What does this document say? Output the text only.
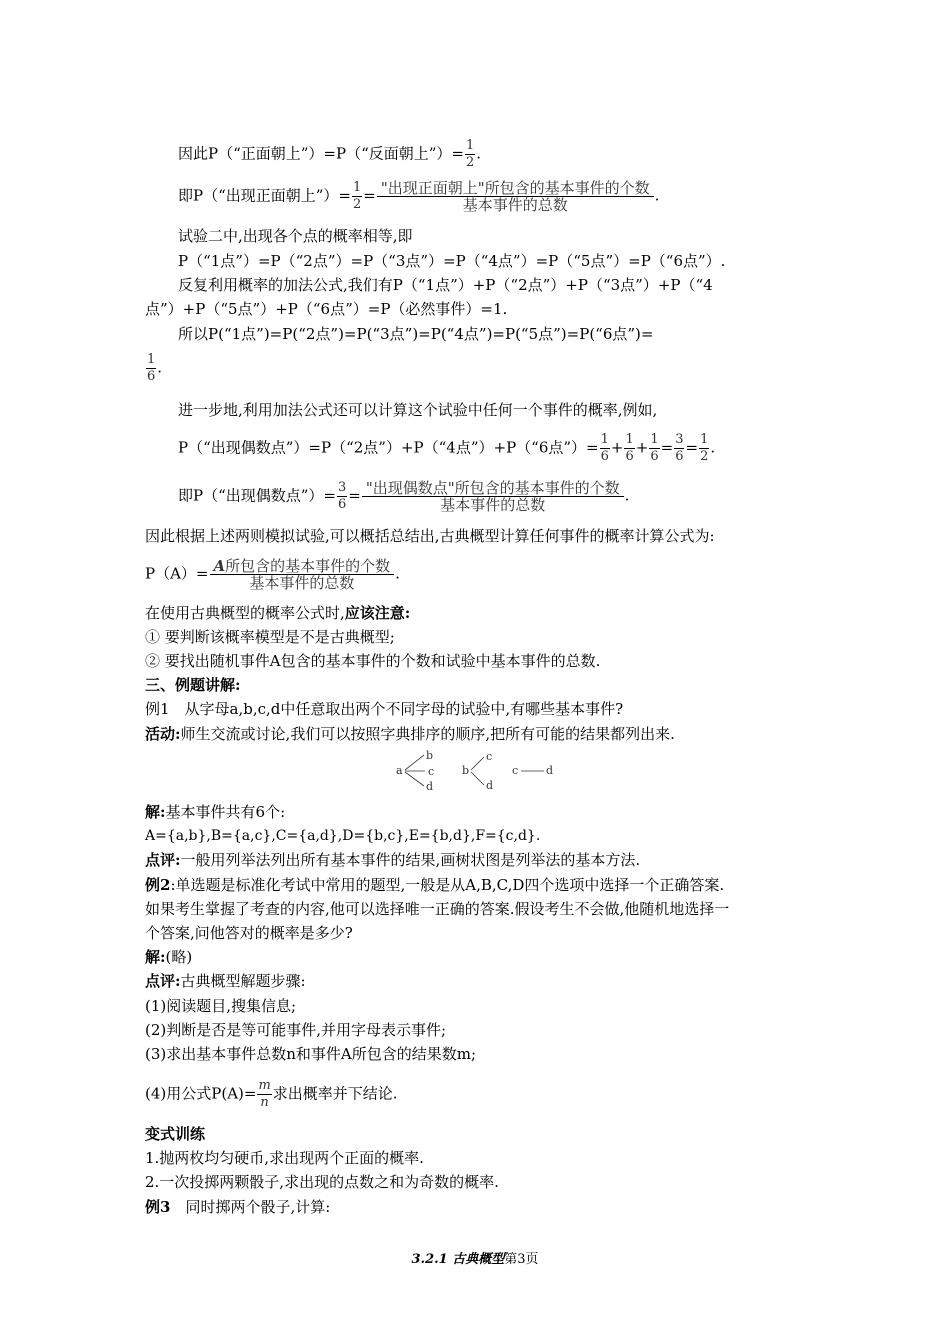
因此P（“正面朝上”）=P（“反面朝上”）= $\frac{1}{2}$ .
即P（“出现正面朝上”）= $\frac{1}{2} = \frac{\text{"出现正面朝上"所包含的基本事件的个数}}{\text{基本事件的总数}}$ .
试验二中,出现各个点的概率相等,即
P（“1点”）=P（“2点”）=P（“3点”）=P（“4点”）=P（“5点”）=P（“6点”）.
反复利用概率的加法公式,我们有P（“1点”）+P（“2点”）+P（“3点”）+P（“4
点”）+P（“5点”）+P（“6点”）=P（必然事件）=1.
所以P(“1点”)=P(“2点”)=P(“3点”)=P(“4点”)=P(“5点”)=P(“6点”)=
$\frac{1}{6}$ .
进一步地,利用加法公式还可以计算这个试验中任何一个事件的概率,例如,
P（“出现偶数点”）=P（“2点”）+P（“4点”）+P（“6点”）= $\frac{1}{6} + \frac{1}{6} + \frac{1}{6} = \frac{3}{6} = \frac{1}{2}$ .
即P（“出现偶数点”）= $\frac{3}{6} = \frac{\text{"出现偶数点"所包含的基本事件的个数}}{\text{基本事件的总数}}$ .
因此根据上述两则模拟试验,可以概括总结出,古典概型计算任何事件的概率计算公式为:
$P(A)= \frac{\text{A所包含的基本事件的个数}}{\text{基本事件的总数}}$ .
在使用古典概型的概率公式时,应该注意:
① 要判断该概率模型是不是古典概型;
② 要找出随机事件A包含的基本事件的个数和试验中基本事件的总数.
三、例题讲解:
例1　从字母a,b,c,d中任意取出两个不同字母的试验中,有哪些基本事件?
活动:师生交流或讨论,我们可以按照字典排序的顺序,把所有可能的结果都列出来.
a
b
c
d
b
c
d
c	d
解:基本事件共有6个:
A={a,b},B={a,c},C={a,d},D={b,c},E={b,d},F={c,d}.
点评:一般用列举法列出所有基本事件的结果,画树状图是列举法的基本方法.
例2:单选题是标准化考试中常用的题型,一般是从A,B,C,D四个选项中选择一个正确答案.
如果考生掌握了考查的内容,他可以选择唯一正确的答案.假设考生不会做,他随机地选择一
个答案,问他答对的概率是多少?
解:(略)
点评:古典概型解题步骤:
(1)阅读题目,搜集信息;
(2)判断是否是等可能事件,并用字母表示事件;
(3)求出基本事件总数n和事件A所包含的结果数m;
(4)用公式$P(A)= \frac{m}{n}$ 求出概率并下结论.
变式训练
1.抛两枚均匀硬币,求出现两个正面的概率.
2.一次投掷两颗骰子,求出现的点数之和为奇数的概率.
例3　同时掷两个骰子,计算:
3.2.1 古典概型第3页
